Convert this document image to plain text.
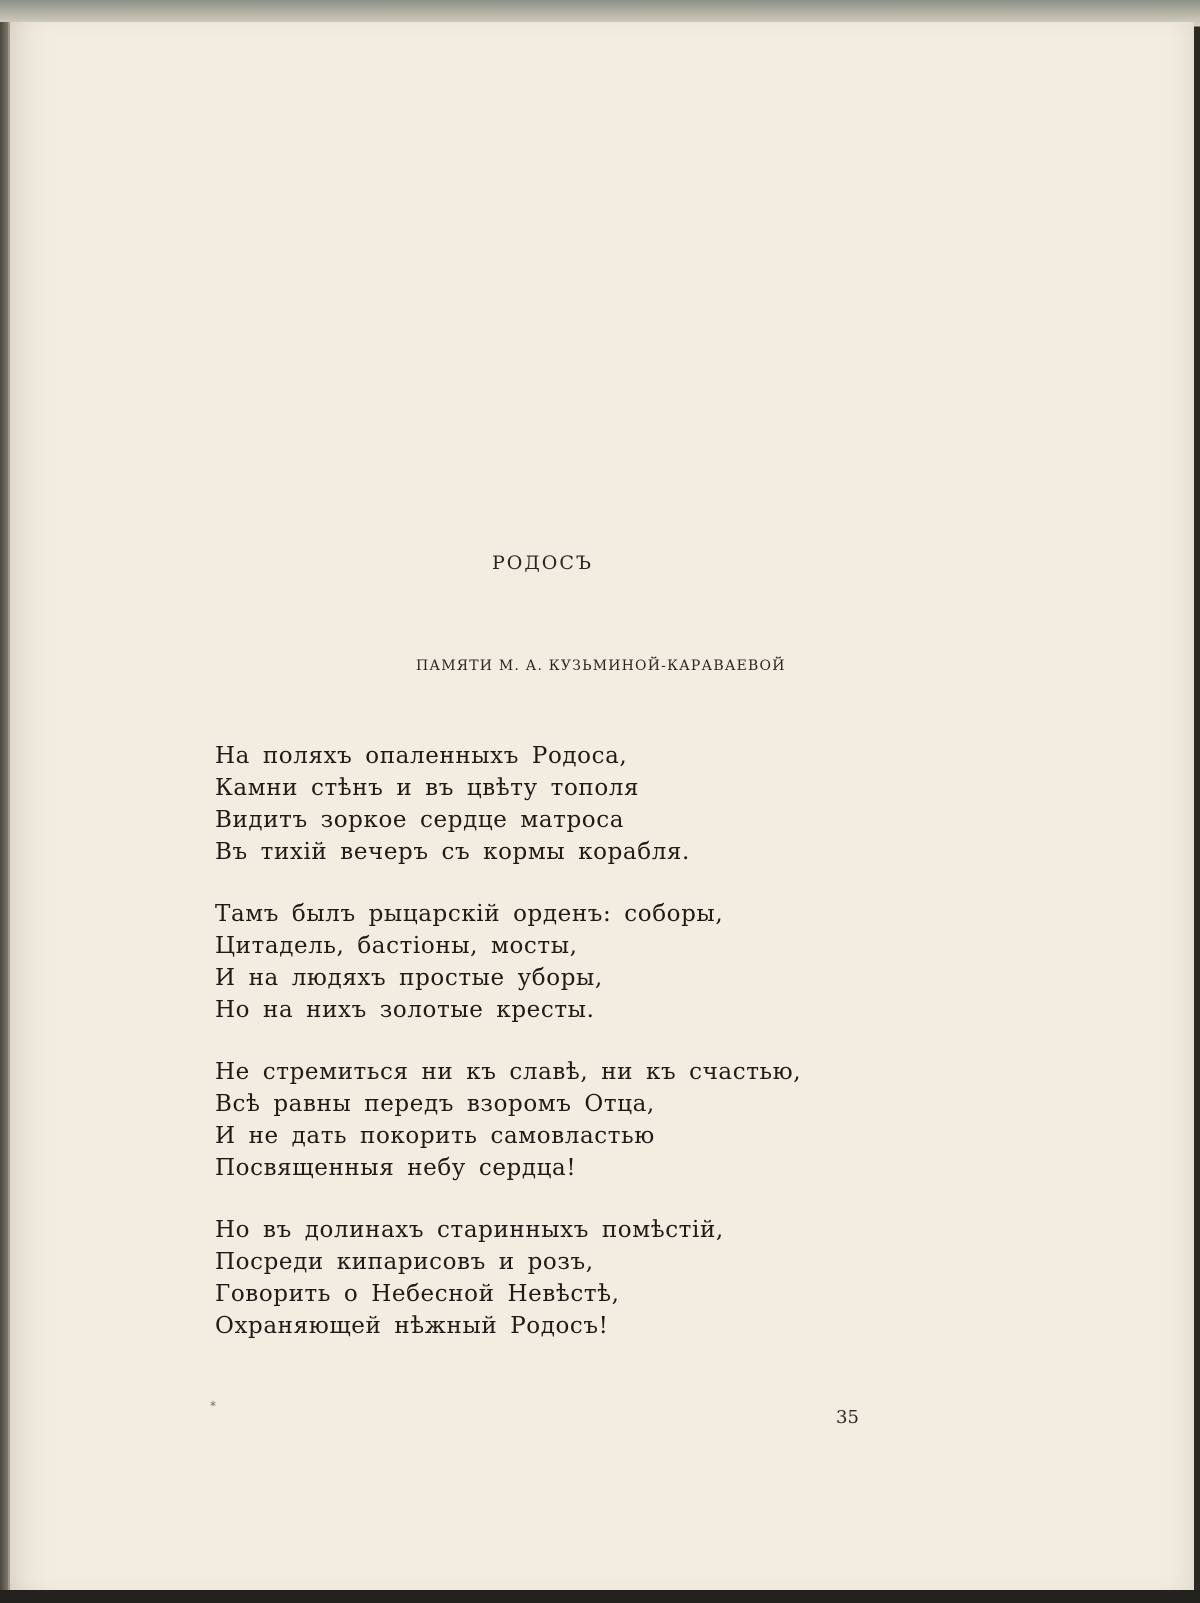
РОДОСЪ
ПАМЯТИ М. А. КУЗЬМИНОЙ-КАРАВАЕВОЙ
На поляхъ опаленныхъ Родоса,
Камни стѣнъ и въ цвѣту тополя
Видитъ зоркое сердце матроса
Въ тихiй вечеръ съ кормы корабля.
Тамъ былъ рыцарскiй орденъ: соборы,
Цитадель, бастiоны, мосты,
И на людяхъ простые уборы,
Но на нихъ золотые кресты.
Не стремиться ни къ славѣ, ни къ счастью,
Всѣ равны передъ взоромъ Отца,
И не дать покорить самовластью
Посвященныя небу сердца!
Но въ долинахъ старинныхъ помѣстiй,
Посреди кипарисовъ и розъ,
Говорить о Небесной Невѣстѣ,
Охраняющей нѣжный Родосъ!
⁎
35
